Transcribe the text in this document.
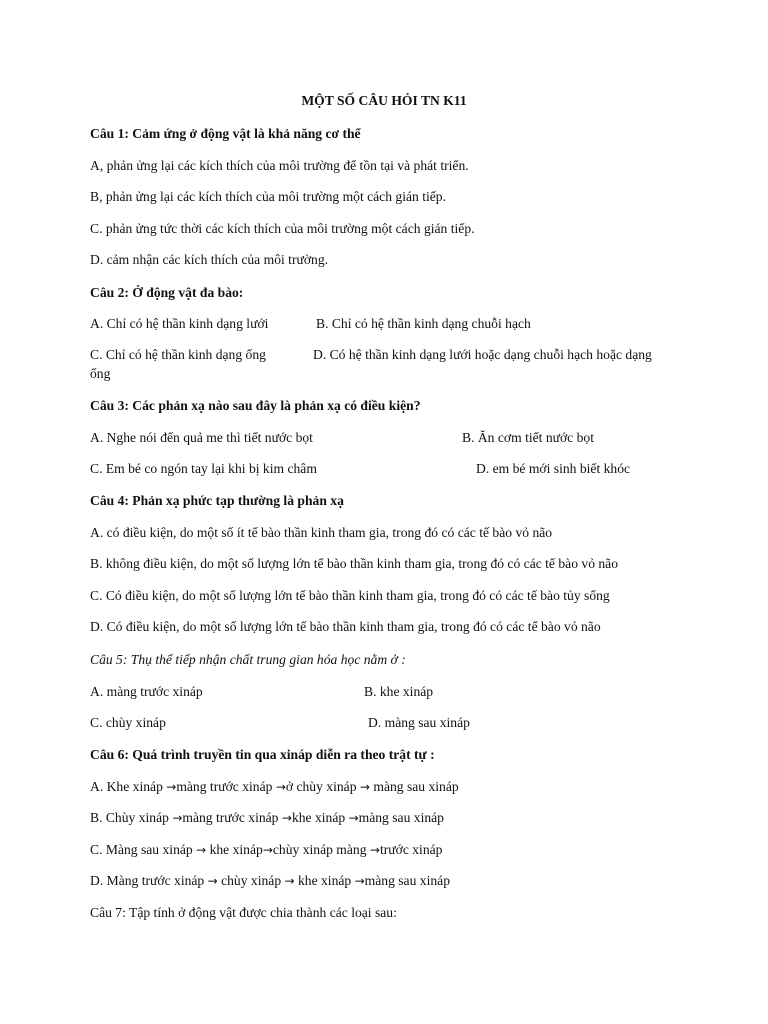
MỘT SỐ CÂU HỎI TN K11
Câu 1: Cảm ứng ở động vật là khả năng cơ thể
A, phản ửng lại các kích thích của môi trường để tồn tại và phát triển.
B, phản ửng lại các kích thích của môi trường một cách gián tiếp.
C. phản ửng tức thời các kích thích của môi trường một cách gián tiếp.
D. cảm nhận các kích thích của môi trường.
Câu 2: Ở động vật đa bào:
A. Chỉ có hệ thần kinh dạng lưới	B. Chỉ có hệ thần kinh dạng chuỗi hạch
C. Chỉ có hệ thần kinh dạng ống	D. Có hệ thần kinh dạng lưới hoặc dạng chuỗi hạch hoặc dạng
ống
Câu 3: Các phản xạ nào sau đây là phản xạ có điều kiện?
A. Nghe nói đến quả me thì tiết nước bọt	B. Ăn cơm tiết nước bọt
C. Em bé co ngón tay lại khi bị kim châm	D. em bé mới sinh biết khóc
Câu 4: Phản xạ phức tạp thường là phản xạ
A. có điều kiện, do một số ít tế bào thần kinh tham gia, trong đó có các tế bào vỏ não
B. không điều kiện, do một số lượng lớn tế bào thần kinh tham gia, trong đó có các tế bào vỏ não
C. Có điều kiện, do một số lượng lớn tế bào thần kinh tham gia, trong đó có các tế bào tủy sống
D. Có điều kiện, do một số lượng lớn tế bào thần kinh tham gia, trong đó có các tế bào vỏ não
Câu 5: Thụ thể tiếp nhận chất trung gian hóa học nằm ở :
A. màng trước xináp	B. khe xináp
C. chùy xináp	D. màng sau xináp
Câu 6: Quá trình truyền tin qua xináp diễn ra theo trật tự :
A. Khe xináp →màng trước xináp →ở chùy xináp → màng sau xináp
B. Chùy xináp →màng trước xináp →khe xináp →màng sau xináp
C. Màng sau xináp → khe xináp→chùy xináp màng →trước xináp
D. Màng trước xináp → chùy xináp → khe xináp →màng sau xináp
Câu 7: Tập tính ở động vật được chia thành các loại sau:
